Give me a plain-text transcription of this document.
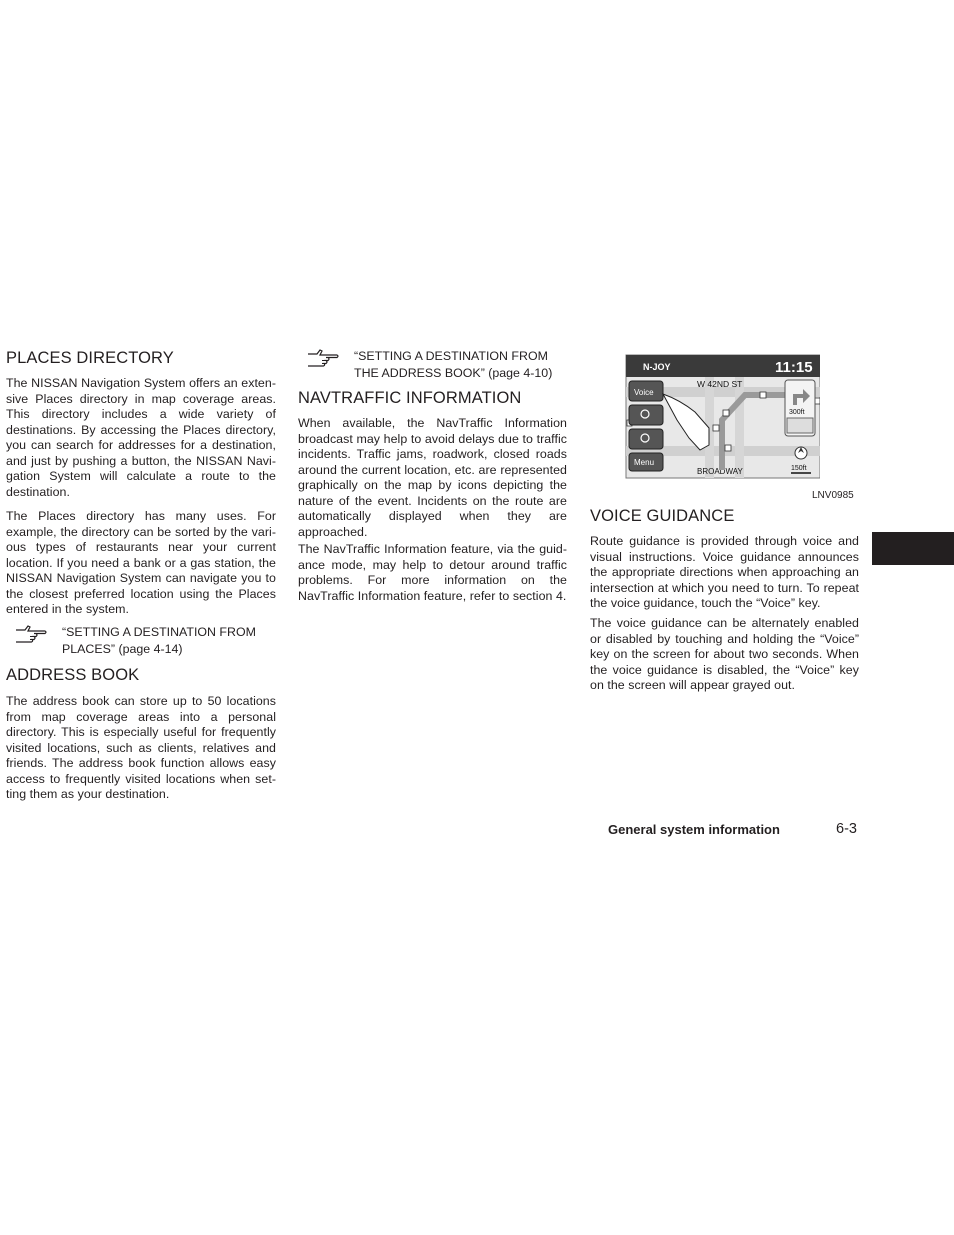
PLACES DIRECTORY

The NISSAN Navigation System offers an exten-sive Places directory in map coverage areas. This directory includes a wide variety of destinations. By accessing the Places directory, you can search for addresses for a destination, and just by pushing a button, the NISSAN Navi-gation System will calculate a route to the destination.

The Places directory has many uses. For example, the directory can be sorted by the vari-ous types of restaurants near your current location. If you need a bank or a gas station, the NISSAN Navigation System can navigate you to the closest preferred location using the Places entered in the system.

“SETTING A DESTINATION FROM
PLACES” (page 4-14)
ADDRESS BOOK

The address book can store up to 50 locations from map coverage areas into a personal directory. This is especially useful for frequently visited locations, such as clients, relatives and friends. The address book function allows easy access to frequently visited locations when set-ting them as your destination.

“SETTING A DESTINATION FROM
THE ADDRESS BOOK” (page 4-10)
NAVTRAFFIC INFORMATION

When available, the NavTraffic Information broadcast may help to avoid delays due to traffic incidents. Traffic jams, roadwork, closed roads around the current location, etc. are represented graphically on the map by icons depicting the nature of the event. Incidents on the route are automatically displayed when they are approached.

The NavTraffic Information feature, via the guid-ance mode, may help to detour around traffic problems. For more information on the NavTraffic Information feature, refer to section 4.

N-JOY	11:15
W 42ND ST
BROADWAY
Voice
Menu
300ft
150ft
LNV0985
VOICE GUIDANCE

Route guidance is provided through voice and visual instructions. Voice guidance announces the appropriate directions when approaching an intersection at which you need to turn. To repeat the voice guidance, touch the “Voice” key.

The voice guidance can be alternately enabled or disabled by touching and holding the “Voice” key on the screen for about two seconds. When the voice guidance is disabled, the “Voice” key on the screen will appear grayed out.

General system information	6-3
